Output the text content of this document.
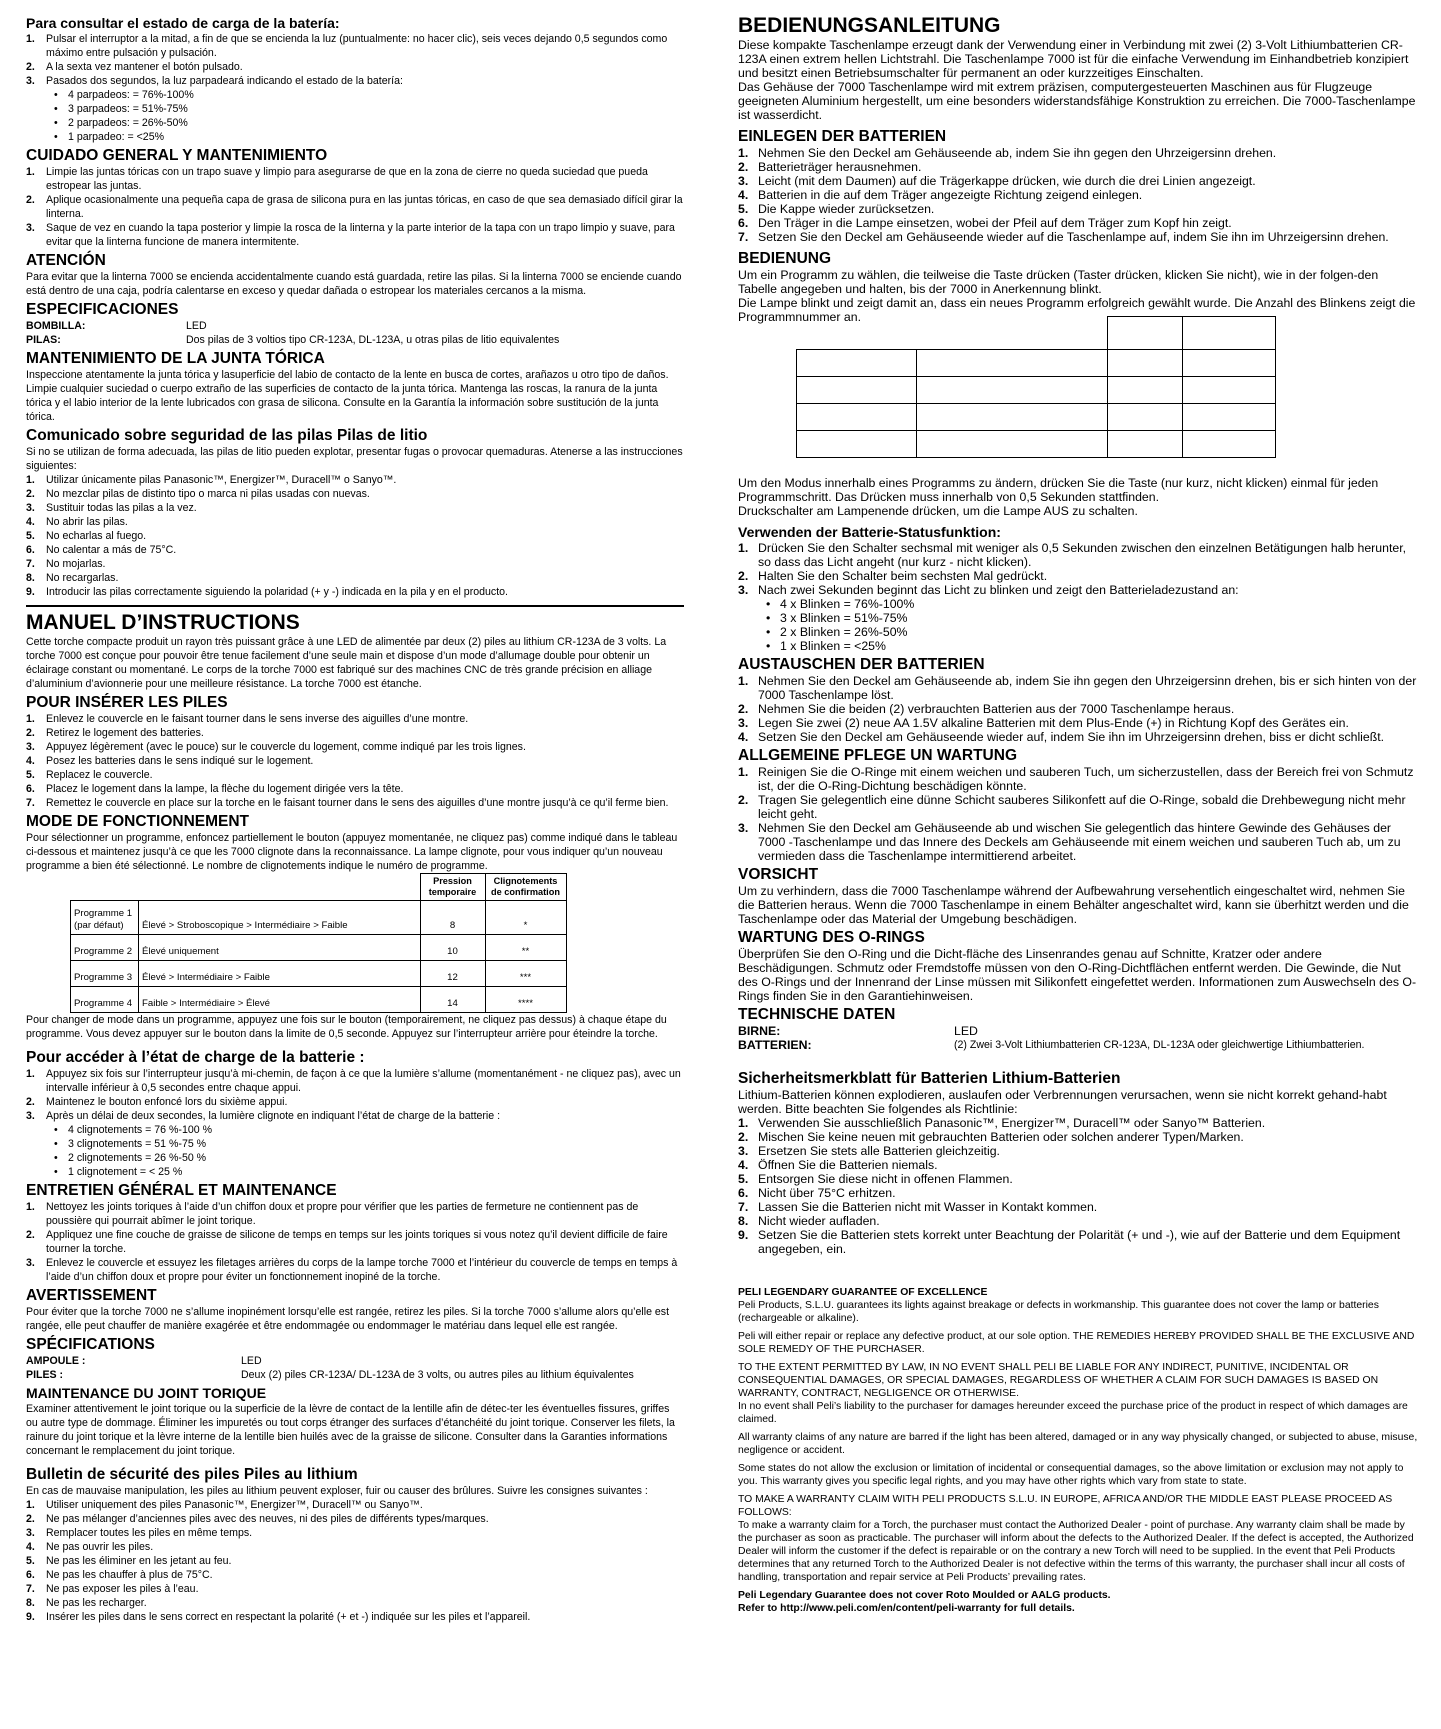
Para consultar el estado de carga de la batería:

1. Pulsar el interruptor a la mitad, a fin de que se encienda la luz (puntualmente: no hacer clic), seis veces dejando 0,5 segundos como máximo entre pulsación y pulsación.
2. A la sexta vez mantener el botón pulsado.
3. Pasados dos segundos, la luz parpadeará indicando el estado de la batería:
• 4 parpadeos: = 76%-100%
• 3 parpadeos: = 51%-75%
• 2 parpadeos: = 26%-50%
• 1 parpadeo: = <25%

CUIDADO GENERAL Y MANTENIMIENTO

1. Limpie las juntas tóricas con un trapo suave y limpio para asegurarse de que en la zona de cierre no queda suciedad que pueda estropear las juntas.
2. Aplique ocasionalmente una pequeña capa de grasa de silicona pura en las juntas tóricas, en caso de que sea demasiado difícil girar la linterna.
3. Saque de vez en cuando la tapa posterior y limpie la rosca de la linterna y la parte interior de la tapa con un trapo limpio y suave, para evitar que la linterna funcione de manera intermitente.

ATENCIÓN

Para evitar que la linterna 7000 se encienda accidentalmente cuando está guardada, retire las pilas. Si la linterna 7000 se enciende cuando está dentro de una caja, podría calentarse en exceso y quedar dañada o estropear los materiales cercanos a la misma.

ESPECIFICACIONES

BOMBILLA:	LED
PILAS:	Dos pilas de 3 voltios tipo CR-123A, DL-123A, u otras pilas de litio equivalentes

MANTENIMIENTO DE LA JUNTA TÓRICA

Inspeccione atentamente la junta tórica y lasuperficie del labio de contacto de la lente en busca de cortes, arañazos u otro tipo de daños. Limpie cualquier suciedad o cuerpo extraño de las superficies de contacto de la junta tórica. Mantenga las roscas, la ranura de la junta tórica y el labio interior de la lente lubricados con grasa de silicona. Consulte en la Garantía la información sobre sustitución de la junta tórica.

Comunicado sobre seguridad de las pilas Pilas de litio

Si no se utilizan de forma adecuada, las pilas de litio pueden explotar, presentar fugas o provocar quemaduras. Atenerse a las instrucciones siguientes:

1. Utilizar únicamente pilas Panasonic™, Energizer™, Duracell™ o Sanyo™.
2. No mezclar pilas de distinto tipo o marca ni pilas usadas con nuevas.
3. Sustituir todas las pilas a la vez.
4. No abrir las pilas.
5. No echarlas al fuego.
6. No calentar a más de 75°C.
7. No mojarlas.
8. No recargarlas.
9. Introducir las pilas correctamente siguiendo la polaridad (+ y -) indicada en la pila y en el producto.

MANUEL D’INSTRUCTIONS

Cette torche compacte produit un rayon très puissant grâce à une LED de alimentée par deux (2) piles au lithium CR-123A de 3 volts. La torche 7000 est conçue pour pouvoir être tenue facilement d’une seule main et dispose d’un mode d’allumage double pour obtenir un éclairage constant ou momentané. Le corps de la torche 7000 est fabriqué sur des machines CNC de très grande précision en alliage d’aluminium d’avionnerie pour une meilleure résistance. La torche 7000 est étanche.

POUR INSÉRER LES PILES

1. Enlevez le couvercle en le faisant tourner dans le sens inverse des aiguilles d’une montre.
2. Retirez le logement des batteries.
3. Appuyez légèrement (avec le pouce) sur le couvercle du logement, comme indiqué par les trois lignes.
4. Posez les batteries dans le sens indiqué sur le logement.
5. Replacez le couvercle.
6. Placez le logement dans la lampe, la flèche du logement dirigée vers la tête.
7. Remettez le couvercle en place sur la torche en le faisant tourner dans le sens des aiguilles d’une montre jusqu’à ce qu’il ferme bien.

MODE DE FONCTIONNEMENT

Pour sélectionner un programme, enfoncez partiellement le bouton (appuyez momentanée, ne cliquez pas) comme indiqué dans le tableau ci-dessous et maintenez jusqu’à ce que les 7000 clignote dans la reconnaissance. La lampe clignote, pour vous indiquer qu’un nouveau programme a bien été sélectionné. Le nombre de clignotements indique le numéro de programme.

		Pression temporaire	Clignotements de confirmation
Programme 1 (par défaut)	Élevé > Stroboscopique > Intermédiaire > Faible	8	*
Programme 2	Élevé uniquement	10	**
Programme 3	Élevé > Intermédiaire > Faible	12	***
Programme 4	Faible > Intermédiaire > Élevé	14	****

Pour changer de mode dans un programme, appuyez une fois sur le bouton (temporairement, ne cliquez pas dessus) à chaque étape du programme. Vous devez appuyer sur le bouton dans la limite de 0,5 seconde. Appuyez sur l’interrupteur arrière pour éteindre la torche.

Pour accéder à l’état de charge de la batterie :

1. Appuyez six fois sur l’interrupteur jusqu’à mi-chemin, de façon à ce que la lumière s’allume (momentanément - ne cliquez pas), avec un intervalle inférieur à 0,5 secondes entre chaque appui.
2. Maintenez le bouton enfoncé lors du sixième appui.
3. Après un délai de deux secondes, la lumière clignote en indiquant l’état de charge de la batterie :
• 4 clignotements = 76 %-100 %
• 3 clignotements = 51 %-75 %
• 2 clignotements = 26 %-50 %
• 1 clignotement = < 25 %

ENTRETIEN GÉNÉRAL ET MAINTENANCE

1. Nettoyez les joints toriques à l’aide d’un chiffon doux et propre pour vérifier que les parties de fermeture ne contiennent pas de poussière qui pourrait abîmer le joint torique.
2. Appliquez une fine couche de graisse de silicone de temps en temps sur les joints toriques si vous notez qu’il devient difficile de faire tourner la torche.
3. Enlevez le couvercle et essuyez les filetages arrières du corps de la lampe torche 7000 et l’intérieur du couvercle de temps en temps à l’aide d’un chiffon doux et propre pour éviter un fonctionnement inopiné de la torche.

AVERTISSEMENT

Pour éviter que la torche 7000 ne s’allume inopinément lorsqu’elle est rangée, retirez les piles. Si la torche 7000 s’allume alors qu’elle est rangée, elle peut chauffer de manière exagérée et être endommagée ou endommager le matériau dans lequel elle est rangée.

SPÉCIFICATIONS

AMPOULE :	LED
PILES :	Deux (2) piles CR-123A/ DL-123A de 3 volts, ou autres piles au lithium équivalentes

MAINTENANCE DU JOINT TORIQUE

Examiner attentivement le joint torique ou la superficie de la lèvre de contact de la lentille afin de détec-ter les éventuelles fissures, griffes ou autre type de dommage. Éliminer les impuretés ou tout corps étranger des surfaces d’étanchéité du joint torique. Conserver les filets, la rainure du joint torique et la lèvre interne de la lentille bien huilés avec de la graisse de silicone. Consulter dans la Garanties informations concernant le remplacement du joint torique.

Bulletin de sécurité des piles Piles au lithium

En cas de mauvaise manipulation, les piles au lithium peuvent exploser, fuir ou causer des brûlures. Suivre les consignes suivantes :

1. Utiliser uniquement des piles Panasonic™, Energizer™, Duracell™ ou Sanyo™.
2. Ne pas mélanger d’anciennes piles avec des neuves, ni des piles de différents types/marques.
3. Remplacer toutes les piles en même temps.
4. Ne pas ouvrir les piles.
5. Ne pas les éliminer en les jetant au feu.
6. Ne pas les chauffer à plus de 75°C.
7. Ne pas exposer les piles à l’eau.
8. Ne pas les recharger.
9. Insérer les piles dans le sens correct en respectant la polarité (+ et -) indiquée sur les piles et l’appareil.

BEDIENUNGSANLEITUNG

Diese kompakte Taschenlampe erzeugt dank der Verwendung einer in Verbindung mit zwei (2) 3-Volt Lithiumbatterien CR-123A einen extrem hellen Lichtstrahl. Die Taschenlampe 7000 ist für die einfache Verwendung im Einhandbetrieb konzipiert und besitzt einen Betriebsumschalter für permanent an oder kurzzeitiges Einschalten.

Das Gehäuse der 7000 Taschenlampe wird mit extrem präzisen, computergesteuerten Maschinen aus für Flugzeuge geeigneten Aluminium hergestellt, um eine besonders widerstandsfähige Konstruktion zu erreichen. Die 7000-Taschenlampe ist wasserdicht.

EINLEGEN DER BATTERIEN

1. Nehmen Sie den Deckel am Gehäuseende ab, indem Sie ihn gegen den Uhrzeigersinn drehen.
2. Batterieträger herausnehmen.
3. Leicht (mit dem Daumen) auf die Trägerkappe drücken, wie durch die drei Linien angezeigt.
4. Batterien in die auf dem Träger angezeigte Richtung zeigend einlegen.
5. Die Kappe wieder zurücksetzen.
6. Den Träger in die Lampe einsetzen, wobei der Pfeil auf dem Träger zum Kopf hin zeigt.
7. Setzen Sie den Deckel am Gehäuseende wieder auf die Taschenlampe auf, indem Sie ihn im Uhrzeigersinn drehen.

BEDIENUNG

Um ein Programm zu wählen, die teilweise die Taste drücken (Taster drücken, klicken Sie nicht), wie in der folgen-den Tabelle angegeben und halten, bis der 7000 in Anerkennung blinkt.

Die Lampe blinkt und zeigt damit an, dass ein neues Programm erfolgreich gewählt wurde. Die Anzahl des Blinkens zeigt die Programmnummer an.

Um den Modus innerhalb eines Programms zu ändern, drücken Sie die Taste (nur kurz, nicht klicken) einmal für jeden Programmschritt. Das Drücken muss innerhalb von 0,5 Sekunden stattfinden.

Druckschalter am Lampenende drücken, um die Lampe AUS zu schalten.

Verwenden der Batterie-Statusfunktion:

1. Drücken Sie den Schalter sechsmal mit weniger als 0,5 Sekunden zwischen den einzelnen Betätigungen halb herunter, so dass das Licht angeht (nur kurz - nicht klicken).
2. Halten Sie den Schalter beim sechsten Mal gedrückt.
3. Nach zwei Sekunden beginnt das Licht zu blinken und zeigt den Batterieladezustand an:
• 4 x Blinken = 76%-100%
• 3 x Blinken = 51%-75%
• 2 x Blinken = 26%-50%
• 1 x Blinken = <25%

AUSTAUSCHEN DER BATTERIEN

1. Nehmen Sie den Deckel am Gehäuseende ab, indem Sie ihn gegen den Uhrzeigersinn drehen, bis er sich hinten von der 7000 Taschenlampe löst.
2. Nehmen Sie die beiden (2) verbrauchten Batterien aus der 7000 Taschenlampe heraus.
3. Legen Sie zwei (2) neue AA 1.5V alkaline Batterien mit dem Plus-Ende (+) in Richtung Kopf des Gerätes ein.
4. Setzen Sie den Deckel am Gehäuseende wieder auf, indem Sie ihn im Uhrzeigersinn drehen, biss er dicht schließt.

ALLGEMEINE PFLEGE UN WARTUNG

1. Reinigen Sie die O-Ringe mit einem weichen und sauberen Tuch, um sicherzustellen, dass der Bereich frei von Schmutz ist, der die O-Ring-Dichtung beschädigen könnte.
2. Tragen Sie gelegentlich eine dünne Schicht sauberes Silikonfett auf die O-Ringe, sobald die Drehbewegung nicht mehr leicht geht.
3. Nehmen Sie den Deckel am Gehäuseende ab und wischen Sie gelegentlich das hintere Gewinde des Gehäuses der 7000 -Taschenlampe und das Innere des Deckels am Gehäuseende mit einem weichen und sauberen Tuch ab, um zu vermieden dass die Taschenlampe intermittierend arbeitet.

VORSICHT

Um zu verhindern, dass die 7000 Taschenlampe während der Aufbewahrung versehentlich eingeschaltet wird, nehmen Sie die Batterien heraus. Wenn die 7000 Taschenlampe in einem Behälter angeschaltet wird, kann sie überhitzt werden und die Taschenlampe oder das Material der Umgebung beschädigen.

WARTUNG DES O-RINGS

Überprüfen Sie den O-Ring und die Dicht-fläche des Linsenrandes genau auf Schnitte, Kratzer oder andere Beschädigungen. Schmutz oder Fremdstoffe müssen von den O-Ring-Dichtflächen entfernt werden. Die Gewinde, die Nut des O-Rings und der Innenrand der Linse müssen mit Silikonfett eingefettet werden. Informationen zum Auswechseln des O-Rings finden Sie in den Garantiehinweisen.

TECHNISCHE DATEN

BIRNE:	LED
BATTERIEN:	(2) Zwei 3-Volt Lithiumbatterien CR-123A, DL-123A oder gleichwertige Lithiumbatterien.

Sicherheitsmerkblatt für Batterien Lithium-Batterien

Lithium-Batterien können explodieren, auslaufen oder Verbrennungen verursachen, wenn sie nicht korrekt gehand-habt werden. Bitte beachten Sie folgendes als Richtlinie:

1. Verwenden Sie ausschließlich Panasonic™, Energizer™, Duracell™ oder Sanyo™ Batterien.
2. Mischen Sie keine neuen mit gebrauchten Batterien oder solchen anderer Typen/Marken.
3. Ersetzen Sie stets alle Batterien gleichzeitig.
4. Öffnen Sie die Batterien niemals.
5. Entsorgen Sie diese nicht in offenen Flammen.
6. Nicht über 75°C erhitzen.
7. Lassen Sie die Batterien nicht mit Wasser in Kontakt kommen.
8. Nicht wieder aufladen.
9. Setzen Sie die Batterien stets korrekt unter Beachtung der Polarität (+ und -), wie auf der Batterie und dem Equipment angegeben, ein.

PELI LEGENDARY GUARANTEE OF EXCELLENCE

Peli Products, S.L.U. guarantees its lights against breakage or defects in workmanship. This guarantee does not cover the lamp or batteries (rechargeable or alkaline).

Peli will either repair or replace any defective product, at our sole option. THE REMEDIES HEREBY PROVIDED SHALL BE THE EXCLUSIVE AND SOLE REMEDY OF THE PURCHASER.

TO THE EXTENT PERMITTED BY LAW, IN NO EVENT SHALL PELI BE LIABLE FOR ANY INDIRECT, PUNITIVE, INCIDENTAL OR CONSEQUENTIAL DAMAGES, OR SPECIAL DAMAGES, REGARDLESS OF WHETHER A CLAIM FOR SUCH DAMAGES IS BASED ON WARRANTY, CONTRACT, NEGLIGENCE OR OTHERWISE.

In no event shall Peli’s liability to the purchaser for damages hereunder exceed the purchase price of the product in respect of which damages are claimed.

All warranty claims of any nature are barred if the light has been altered, damaged or in any way physically changed, or subjected to abuse, misuse, negligence or accident.

Some states do not allow the exclusion or limitation of incidental or consequential damages, so the above limitation or exclusion may not apply to you. This warranty gives you specific legal rights, and you may have other rights which vary from state to state.

TO MAKE A WARRANTY CLAIM WITH PELI PRODUCTS S.L.U. IN EUROPE, AFRICA AND/OR THE MIDDLE EAST PLEASE PROCEED AS FOLLOWS:

To make a warranty claim for a Torch, the purchaser must contact the Authorized Dealer - point of purchase. Any warranty claim shall be made by the purchaser as soon as practicable. The purchaser will inform about the defects to the Authorized Dealer. If the defect is accepted, the Authorized Dealer will inform the customer if the defect is repairable or on the contrary a new Torch will need to be supplied. In the event that Peli Products determines that any returned Torch to the Authorized Dealer is not defective within the terms of this warranty, the purchaser shall incur all costs of handling, transportation and repair service at Peli Products’ prevailing rates.

Peli Legendary Guarantee does not cover Roto Moulded or AALG products.

Refer to http://www.peli.com/en/content/peli-warranty for full details.
